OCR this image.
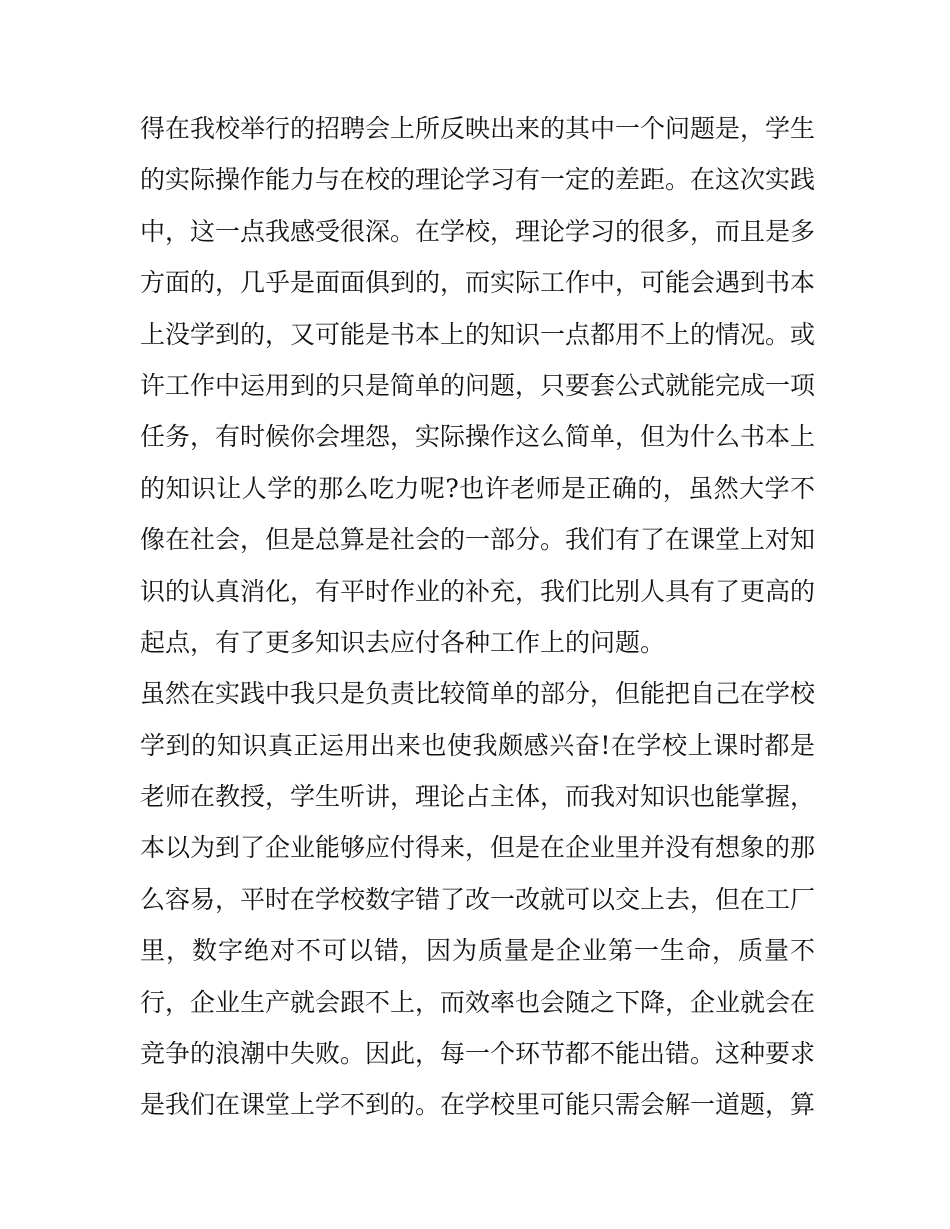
得在我校举行的招聘会上所反映出来的其中一个问题是，学生
的实际操作能力与在校的理论学习有一定的差距。在这次实践
中，这一点我感受很深。在学校，理论学习的很多，而且是多
方面的，几乎是面面俱到的，而实际工作中，可能会遇到书本
上没学到的，又可能是书本上的知识一点都用不上的情况。或
许工作中运用到的只是简单的问题，只要套公式就能完成一项
任务，有时候你会埋怨，实际操作这么简单，但为什么书本上
的知识让人学的那么吃力呢?也许老师是正确的，虽然大学不
像在社会，但是总算是社会的一部分。我们有了在课堂上对知
识的认真消化，有平时作业的补充，我们比别人具有了更高的
起点，有了更多知识去应付各种工作上的问题。
虽然在实践中我只是负责比较简单的部分，但能把自己在学校
学到的知识真正运用出来也使我颇感兴奋!在学校上课时都是
老师在教授，学生听讲，理论占主体，而我对知识也能掌握，
本以为到了企业能够应付得来，但是在企业里并没有想象的那
么容易，平时在学校数字错了改一改就可以交上去，但在工厂
里，数字绝对不可以错，因为质量是企业第一生命，质量不
行，企业生产就会跟不上，而效率也会随之下降，企业就会在
竞争的浪潮中失败。因此，每一个环节都不能出错。这种要求
是我们在课堂上学不到的。在学校里可能只需会解一道题，算
